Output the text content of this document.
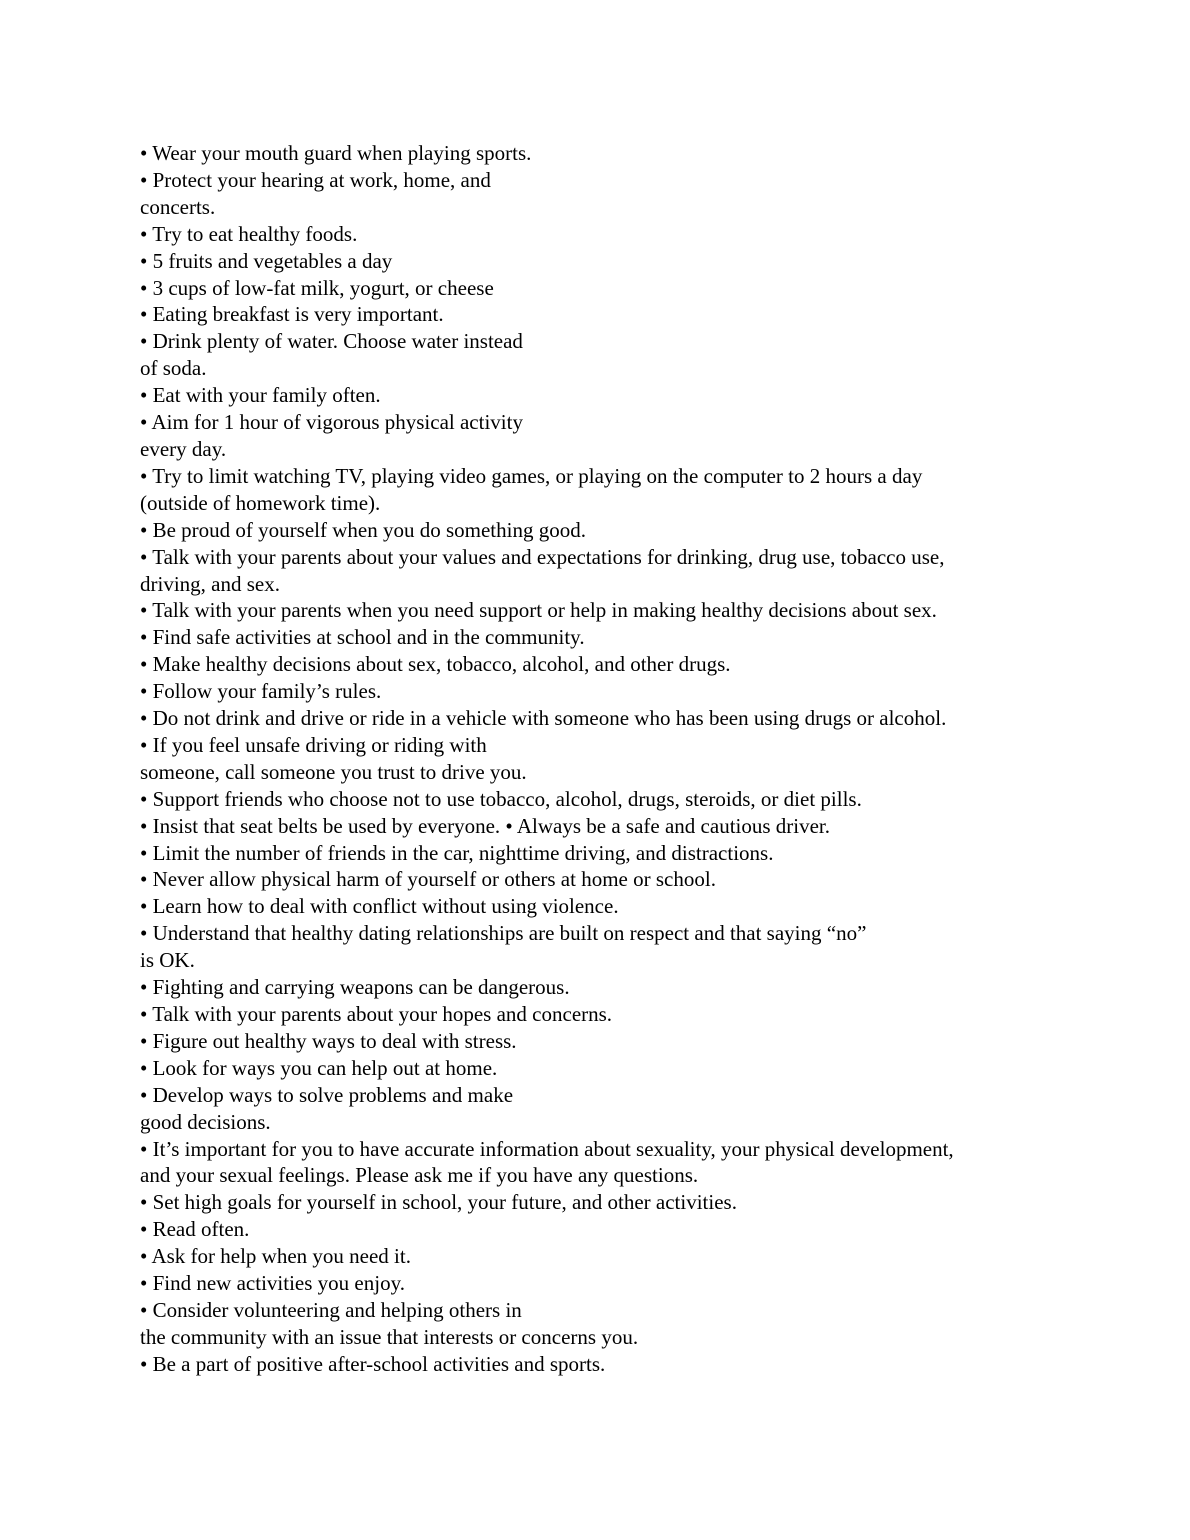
• Wear your mouth guard when playing sports.
• Protect your hearing at work, home, and
concerts.
• Try to eat healthy foods.
• 5 fruits and vegetables a day
• 3 cups of low-fat milk, yogurt, or cheese
• Eating breakfast is very important.
• Drink plenty of water. Choose water instead
of soda.
• Eat with your family often.
• Aim for 1 hour of vigorous physical activity
every day.
• Try to limit watching TV, playing video games, or playing on the computer to 2 hours a day
(outside of homework time).
• Be proud of yourself when you do something good.
• Talk with your parents about your values and expectations for drinking, drug use, tobacco use,
driving, and sex.
• Talk with your parents when you need support or help in making healthy decisions about sex.
• Find safe activities at school and in the community.
• Make healthy decisions about sex, tobacco, alcohol, and other drugs.
• Follow your family’s rules.
• Do not drink and drive or ride in a vehicle with someone who has been using drugs or alcohol.
• If you feel unsafe driving or riding with
someone, call someone you trust to drive you.
• Support friends who choose not to use tobacco, alcohol, drugs, steroids, or diet pills.
• Insist that seat belts be used by everyone. • Always be a safe and cautious driver.
• Limit the number of friends in the car, nighttime driving, and distractions.
• Never allow physical harm of yourself or others at home or school.
• Learn how to deal with conflict without using violence.
• Understand that healthy dating relationships are built on respect and that saying “no”
is OK.
• Fighting and carrying weapons can be dangerous.
• Talk with your parents about your hopes and concerns.
• Figure out healthy ways to deal with stress.
• Look for ways you can help out at home.
• Develop ways to solve problems and make
good decisions.
• It’s important for you to have accurate information about sexuality, your physical development,
and your sexual feelings. Please ask me if you have any questions.
• Set high goals for yourself in school, your future, and other activities.
• Read often.
• Ask for help when you need it.
• Find new activities you enjoy.
• Consider volunteering and helping others in
the community with an issue that interests or concerns you.
• Be a part of positive after-school activities and sports.
